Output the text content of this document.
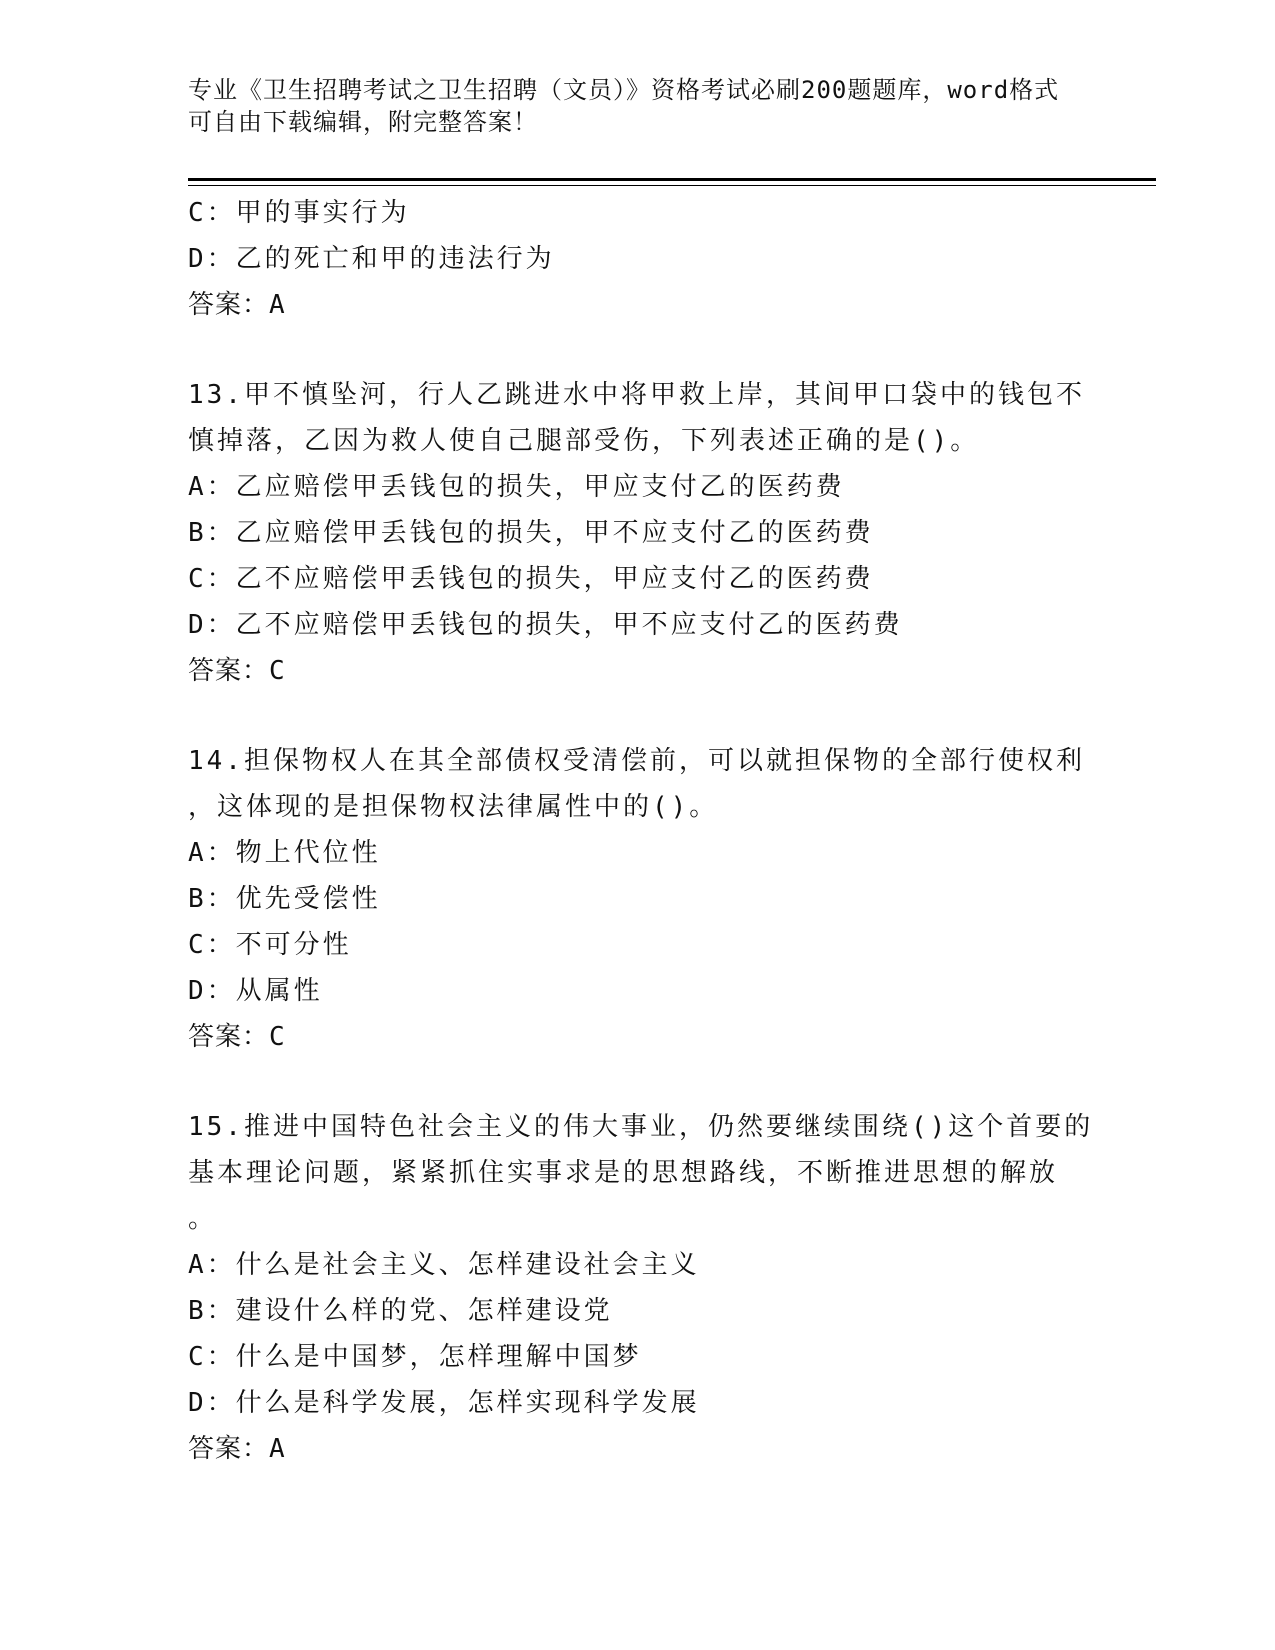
专业《卫生招聘考试之卫生招聘（文员）》资格考试必刷200题题库，word格式
可自由下载编辑，附完整答案！
C：甲的事实行为
D：乙的死亡和甲的违法行为
答案：A
13.甲不慎坠河，行人乙跳进水中将甲救上岸，其间甲口袋中的钱包不
慎掉落，乙因为救人使自己腿部受伤，下列表述正确的是()。
A：乙应赔偿甲丢钱包的损失，甲应支付乙的医药费
B：乙应赔偿甲丢钱包的损失，甲不应支付乙的医药费
C：乙不应赔偿甲丢钱包的损失，甲应支付乙的医药费
D：乙不应赔偿甲丢钱包的损失，甲不应支付乙的医药费
答案：C
14.担保物权人在其全部债权受清偿前，可以就担保物的全部行使权利
，这体现的是担保物权法律属性中的()。
A：物上代位性
B：优先受偿性
C：不可分性
D：从属性
答案：C
15.推进中国特色社会主义的伟大事业，仍然要继续围绕()这个首要的
基本理论问题，紧紧抓住实事求是的思想路线，不断推进思想的解放
。
A：什么是社会主义、怎样建设社会主义
B：建设什么样的党、怎样建设党
C：什么是中国梦，怎样理解中国梦
D：什么是科学发展，怎样实现科学发展
答案：A
